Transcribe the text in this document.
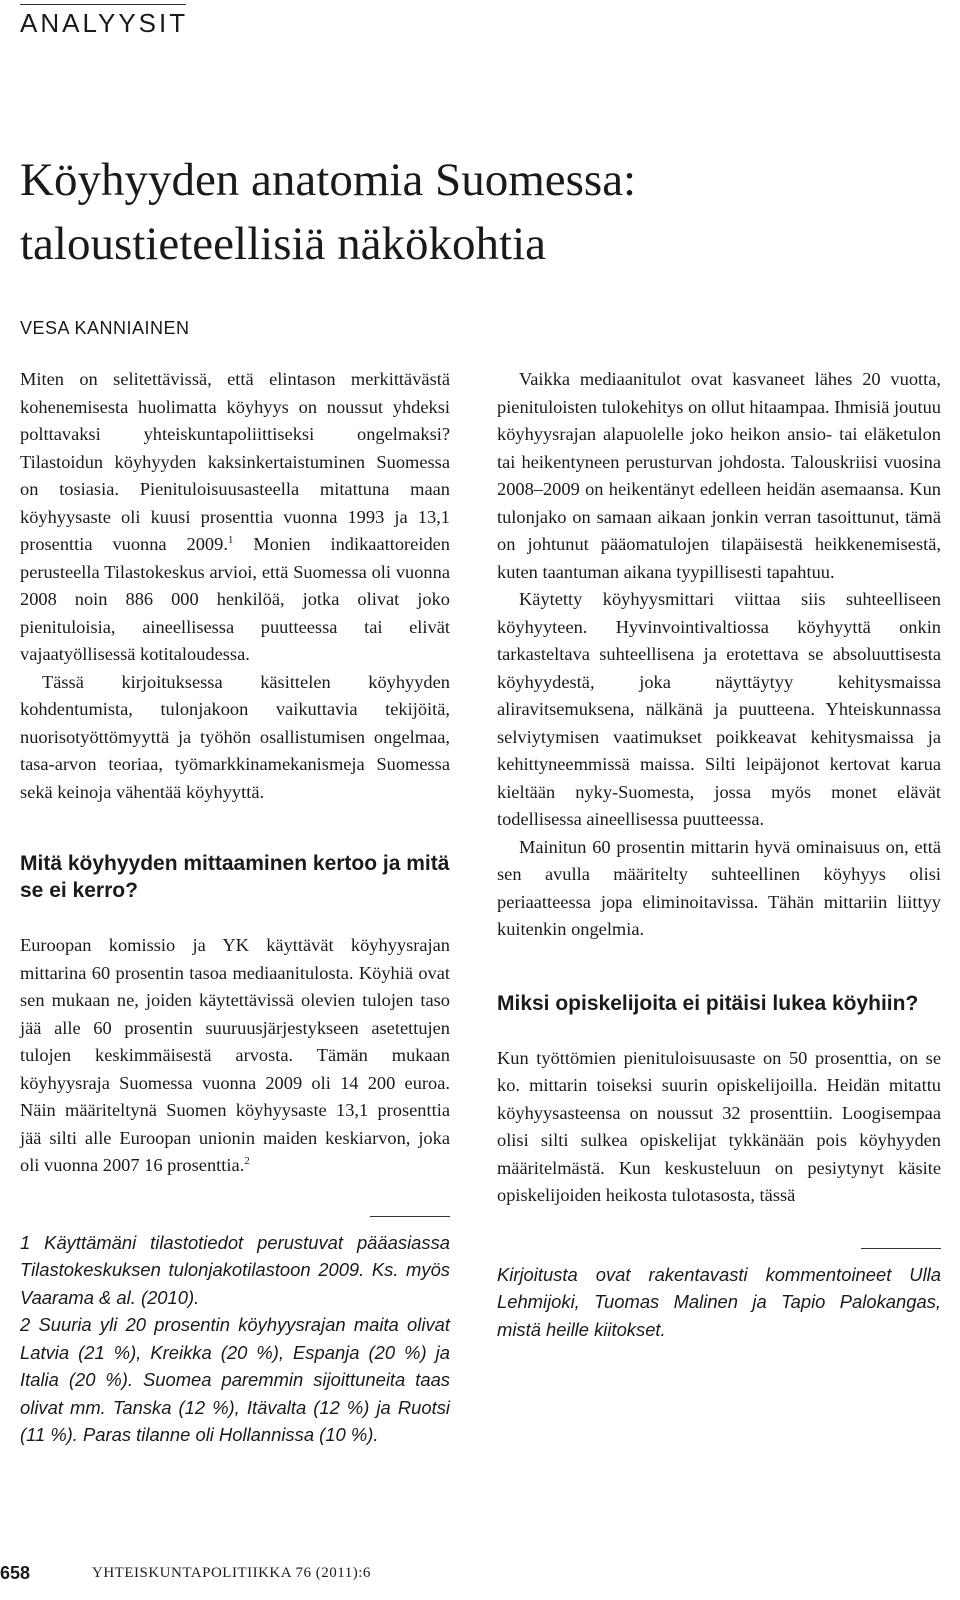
ANALYYSIT
Köyhyyden anatomia Suomessa:
taloustieteellisiä näkökohtia
VESA KANNIAINEN

Miten on selitettävissä, että elintason merkittävästä kohenemisesta huolimatta köyhyys on noussut yhdeksi polttavaksi yhteiskuntapoliittiseksi ongelmaksi? Tilastoidun köyhyyden kaksinkertaistuminen Suomessa on tosiasia. Pienituloisuusasteella mitattuna maan köyhyysaste oli kuusi prosenttia vuonna 1993 ja 13,1 prosenttia vuonna 2009.$^1$ Monien indikaattoreiden perusteella Tilastokeskus arvioi, että Suomessa oli vuonna 2008 noin 886 000 henkilöä, jotka olivat joko pienituloisia, aineellisessa puutteessa tai elivät vajaatyöllisessä kotitaloudessa.

Tässä kirjoituksessa käsittelen köyhyyden kohdentumista, tulonjakoon vaikuttavia tekijöitä, nuorisotyöttömyyttä ja työhön osallistumisen ongelmaa, tasa-arvon teoriaa, työmarkkinamekanismeja Suomessa sekä keinoja vähentää köyhyyttä.

Mitä köyhyyden mittaaminen kertoo ja mitä se ei kerro?

Euroopan komissio ja YK käyttävät köyhyysrajan mittarina 60 prosentin tasoa mediaanitulosta. Köyhiä ovat sen mukaan ne, joiden käytettävissä olevien tulojen taso jää alle 60 prosentin suuruusjärjestykseen asetettujen tulojen keskimmäisestä arvosta. Tämän mukaan köyhyysraja Suomessa vuonna 2009 oli 14 200 euroa. Näin määriteltynä Suomen köyhyysaste 13,1 prosenttia jää silti alle Euroopan unionin maiden keskiarvon, joka oli vuonna 2007 16 prosenttia.$^2$

1 Käyttämäni tilastotiedot perustuvat pääasiassa Tilastokeskuksen tulonjakotilastoon 2009. Ks. myös Vaarama & al. (2010).

2 Suuria yli 20 prosentin köyhyysrajan maita olivat Latvia (21 %), Kreikka (20 %), Espanja (20 %) ja Italia (20 %). Suomea paremmin sijoittuneita taas olivat mm. Tanska (12 %), Itävalta (12 %) ja Ruotsi (11 %). Paras tilanne oli Hollannissa (10 %).

Vaikka mediaanitulot ovat kasvaneet lähes 20 vuotta, pienituloisten tulokehitys on ollut hitaampaa. Ihmisiä joutuu köyhyysrajan alapuolelle joko heikon ansio- tai eläketulon tai heikentyneen perusturvan johdosta. Talouskriisi vuosina 2008–2009 on heikentänyt edelleen heidän asemaansa. Kun tulonjako on samaan aikaan jonkin verran tasoittunut, tämä on johtunut pääomatulojen tilapäisestä heikkenemisestä, kuten taantuman aikana tyypillisesti tapahtuu.

Käytetty köyhyysmittari viittaa siis suhteelliseen köyhyyteen. Hyvinvointivaltiossa köyhyyttä onkin tarkasteltava suhteellisena ja erotettava se absoluuttisesta köyhyydestä, joka näyttäytyy kehitysmaissa aliravitsemuksena, nälkänä ja puutteena. Yhteiskunnassa selviytymisen vaatimukset poikkeavat kehitysmaissa ja kehittyneemmissä maissa. Silti leipäjonot kertovat karua kieltään nyky-Suomesta, jossa myös monet elävät todellisessa aineellisessa puutteessa.

Mainitun 60 prosentin mittarin hyvä ominaisuus on, että sen avulla määritelty suhteellinen köyhyys olisi periaatteessa jopa eliminoitavissa. Tähän mittariin liittyy kuitenkin ongelmia.

Miksi opiskelijoita ei pitäisi lukea köyhiin?

Kun työttömien pienituloisuusaste on 50 prosenttia, on se ko. mittarin toiseksi suurin opiskelijoilla. Heidän mitattu köyhyysasteensa on noussut 32 prosenttiin. Loogisempaa olisi silti sulkea opiskelijat tykkänään pois köyhyyden määritelmästä. Kun keskusteluun on pesiytynyt käsite opiskelijoiden heikosta tulotasosta, tässä

Kirjoitusta ovat rakentavasti kommentoineet Ulla Lehmijoki, Tuomas Malinen ja Tapio Palokangas, mistä heille kiitokset.

658	YHTEISKUNTAPOLITIIKKA 76 (2011):6
